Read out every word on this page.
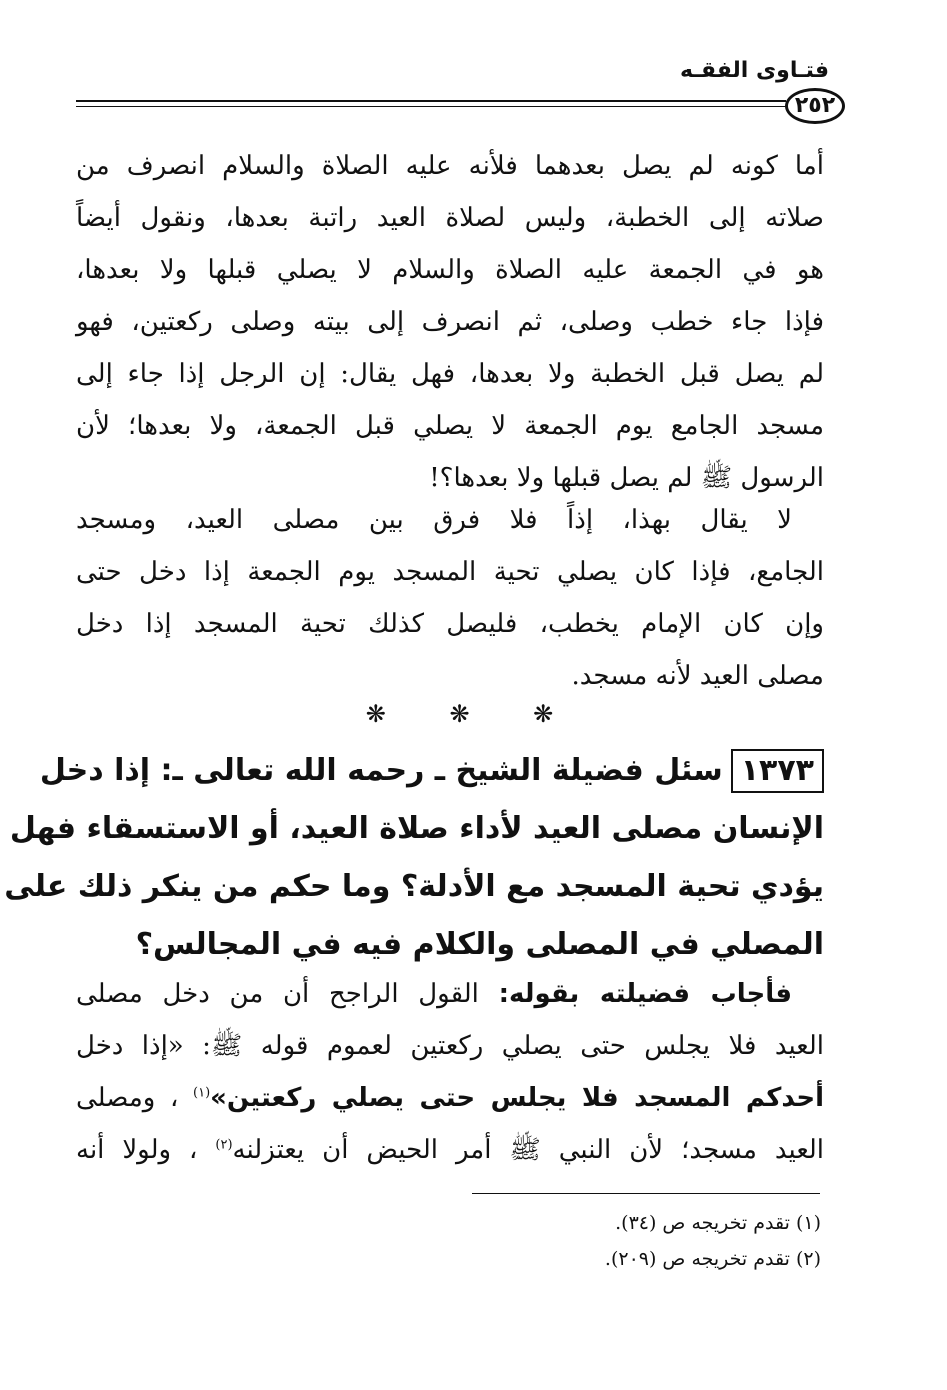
فتـاوى الفقـه
٢٥٢
أما كونه لم يصل بعدهما فلأنه عليه الصلاة والسلام انصرف من
صلاته إلى الخطبة، وليس لصلاة العيد راتبة بعدها، ونقول أيضاً
هو في الجمعة عليه الصلاة والسلام لا يصلي قبلها ولا بعدها،
فإذا جاء خطب وصلى، ثم انصرف إلى بيته وصلى ركعتين، فهو
لم يصل قبل الخطبة ولا بعدها، فهل يقال: إن الرجل إذا جاء إلى
مسجد الجامع يوم الجمعة لا يصلي قبل الجمعة، ولا بعدها؛ لأن
الرسول ﷺ لم يصل قبلها ولا بعدها؟!
لا يقال بهذا، إذاً فلا فرق بين مصلى العيد، ومسجد
الجامع، فإذا كان يصلي تحية المسجد يوم الجمعة إذا دخل حتى
وإن كان الإمام يخطب، فليصل كذلك تحية المسجد إذا دخل
مصلى العيد لأنه مسجد.
❋ ❋ ❋
١٣٧٣سئل فضيلة الشيخ ـ رحمه الله تعالى ـ: إذا دخل
الإنسان مصلى العيد لأداء صلاة العيد، أو الاستسقاء فهل
يؤدي تحية المسجد مع الأدلة؟ وما حكم من ينكر ذلك على
المصلي في المصلى والكلام فيه في المجالس؟
فأجاب فضيلته بقوله: القول الراجح أن من دخل مصلى
العيد فلا يجلس حتى يصلي ركعتين لعموم قوله ﷺ: «إذا دخل
أحدكم المسجد فلا يجلس حتى يصلي ركعتين»$^{(١)}$ ، ومصلى
العيد مسجد؛ لأن النبي ﷺ أمر الحيض أن يعتزلنه$^{(٢)}$ ، ولولا أنه
(١) تقدم تخريجه ص (٣٤).
(٢) تقدم تخريجه ص (٢٠٩).
